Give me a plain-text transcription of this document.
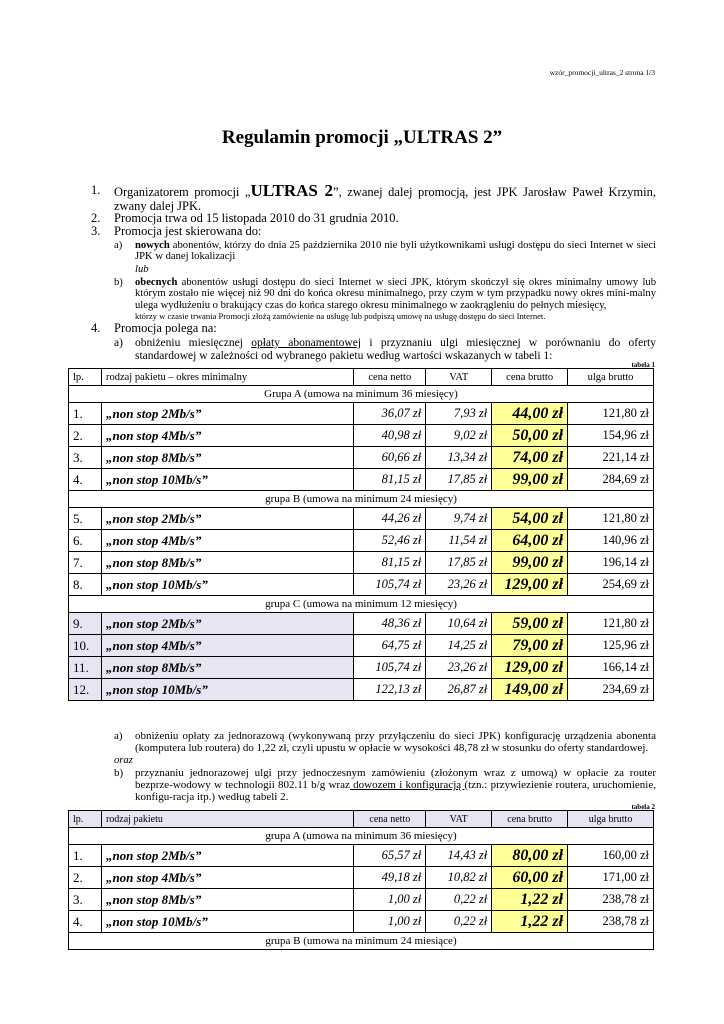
wzór_promocji_ultras_2 strona 1/3
Regulamin promocji „ULTRAS 2”
1. Organizatorem promocji „ULTRAS 2”, zwanej dalej promocją, jest JPK Jarosław Paweł Krzymin, zwany dalej JPK.
2. Promocja trwa od 15 listopada 2010 do 31 grudnia 2010.
3. Promocja jest skierowana do:
a) nowych abonentów, którzy do dnia 25 października 2010 nie byli użytkownikami usługi dostępu do sieci Internet w sieci JPK w danej lokalizacji
lub
b) obecnych abonentów usługi dostępu do sieci Internet w sieci JPK, którym skończył się okres minimalny umowy lub którym zostało nie więcej niż 90 dni do końca okresu minimalnego, przy czym w tym przypadku nowy okres mini-malny ulega wydłużeniu o brakujący czas do końca starego okresu minimalnego w zaokrągleniu do pełnych miesięcy,
którzy w czasie trwania Promocji złożą zamówienie na usługę lub podpiszą umowę na usługę dostępu do sieci Internet.
4. Promocja polega na:
a) obniżeniu miesięcznej opłaty abonamentowej i przyznaniu ulgi miesięcznej w porównaniu do oferty standardowej w zależności od wybranego pakietu według wartości wskazanych w tabeli 1:
tabela 1
lp.	rodzaj pakietu – okres minimalny	cena netto	VAT	cena brutto	ulga brutto
Grupa A (umowa na minimum 36 miesięcy)					
1.	„non stop 2Mb/s”	36,07 zł	7,93 zł	44,00 zł	121,80 zł
2.	„non stop 4Mb/s”	40,98 zł	9,02 zł	50,00 zł	154,96 zł
3.	„non stop 8Mb/s”	60,66 zł	13,34 zł	74,00 zł	221,14 zł
4.	„non stop 10Mb/s”	81,15 zł	17,85 zł	99,00 zł	284,69 zł
grupa B (umowa na minimum 24 miesięcy)					
5.	„non stop 2Mb/s”	44,26 zł	9,74 zł	54,00 zł	121,80 zł
6.	„non stop 4Mb/s”	52,46 zł	11,54 zł	64,00 zł	140,96 zł
7.	„non stop 8Mb/s”	81,15 zł	17,85 zł	99,00 zł	196,14 zł
8.	„non stop 10Mb/s”	105,74 zł	23,26 zł	129,00 zł	254,69 zł
grupa C (umowa na minimum 12 miesięcy)					
9.	„non stop 2Mb/s”	48,36 zł	10,64 zł	59,00 zł	121,80 zł
10.	„non stop 4Mb/s”	64,75 zł	14,25 zł	79,00 zł	125,96 zł
11.	„non stop 8Mb/s”	105,74 zł	23,26 zł	129,00 zł	166,14 zł
12.	„non stop 10Mb/s”	122,13 zł	26,87 zł	149,00 zł	234,69 zł
a) obniżeniu opłaty za jednorazową (wykonywaną przy przyłączeniu do sieci JPK) konfigurację urządzenia abonenta (komputera lub routera) do 1,22 zł, czyli upustu w opłacie w wysokości 48,78 zł w stosunku do oferty standardowej.
oraz
b) przyznaniu jednorazowej ulgi przy jednoczesnym zamówieniu (złożonym wraz z umową) w opłacie za router bezprze-wodowy w technologii 802.11 b/g wraz dowozem i konfiguracją (tzn.: przywiezienie routera, uruchomienie, konfigu-racja itp.) według tabeli 2.
tabela 2
lp.	rodzaj pakietu	cena netto	VAT	cena brutto	ulga brutto
grupa A (umowa na minimum 36 miesięcy)					
1.	„non stop 2Mb/s”	65,57 zł	14,43 zł	80,00 zł	160,00 zł
2.	„non stop 4Mb/s”	49,18 zł	10,82 zł	60,00 zł	171,00 zł
3.	„non stop 8Mb/s”	1,00 zł	0,22 zł	1,22 zł	238,78 zł
4.	„non stop 10Mb/s”	1,00 zł	0,22 zł	1,22 zł	238,78 zł
grupa B (umowa na minimum 24 miesiące)					
